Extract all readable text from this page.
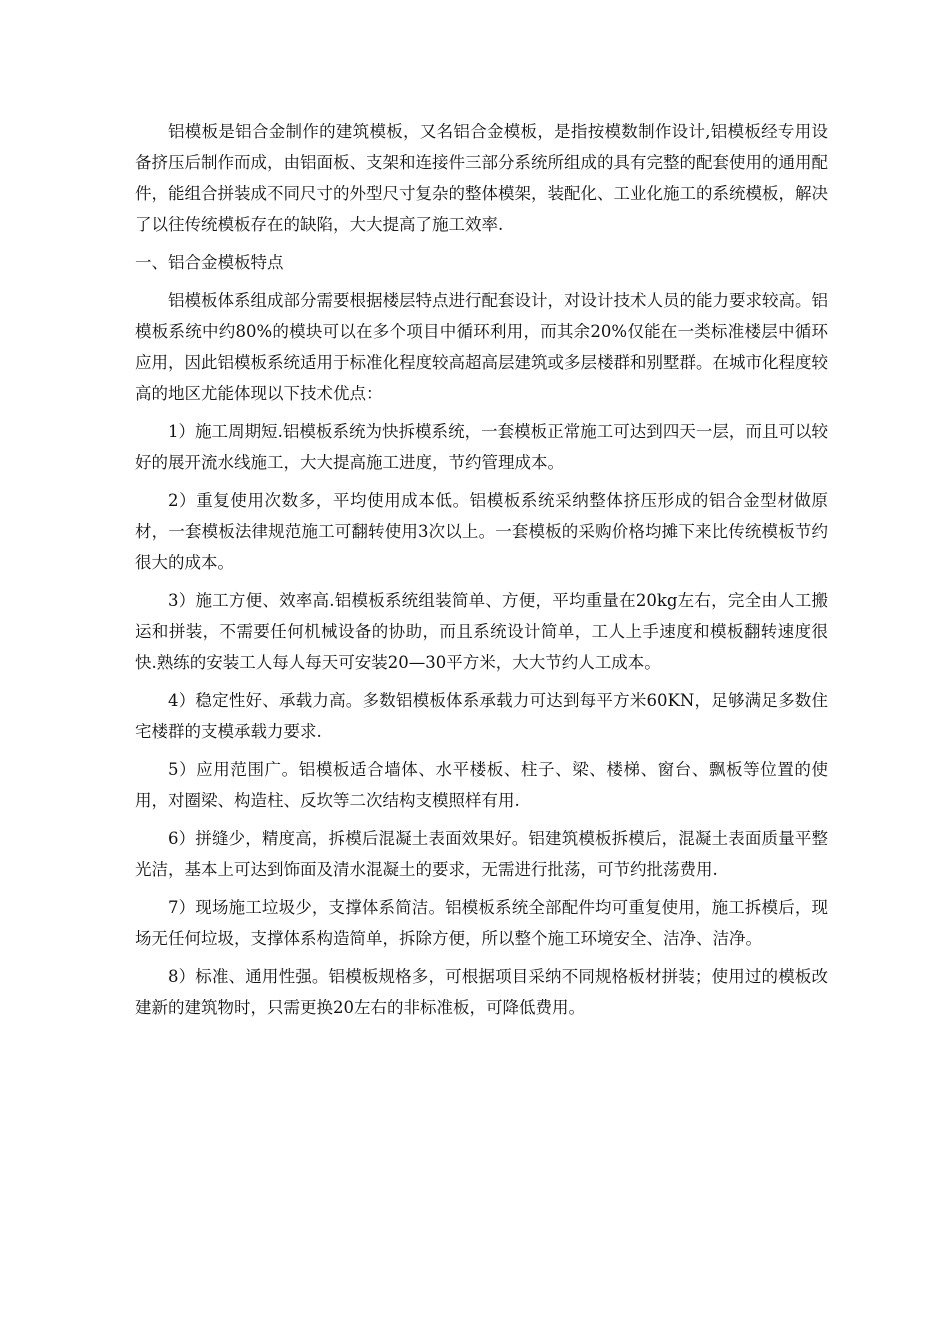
铝模板是铝合金制作的建筑模板，又名铝合金模板，是指按模数制作设计,铝模板经专用设备挤压后制作而成，由铝面板、支架和连接件三部分系统所组成的具有完整的配套使用的通用配件，能组合拼装成不同尺寸的外型尺寸复杂的整体模架，装配化、工业化施工的系统模板，解决了以往传统模板存在的缺陷，大大提高了施工效率.

一、铝合金模板特点

铝模板体系组成部分需要根据楼层特点进行配套设计，对设计技术人员的能力要求较高。铝模板系统中约80%的模块可以在多个项目中循环利用，而其余20%仅能在一类标准楼层中循环应用，因此铝模板系统适用于标准化程度较高超高层建筑或多层楼群和别墅群。在城市化程度较高的地区尤能体现以下技术优点：

1）施工周期短.铝模板系统为快拆模系统，一套模板正常施工可达到四天一层，而且可以较好的展开流水线施工，大大提高施工进度，节约管理成本。

2）重复使用次数多，平均使用成本低。铝模板系统采纳整体挤压形成的铝合金型材做原材，一套模板法律规范施工可翻转使用3次以上。一套模板的采购价格均摊下来比传统模板节约很大的成本。

3）施工方便、效率高.铝模板系统组装简单、方便，平均重量在20kg左右，完全由人工搬运和拼装，不需要任何机械设备的协助，而且系统设计简单，工人上手速度和模板翻转速度很快.熟练的安装工人每人每天可安装20—30平方米，大大节约人工成本。

4）稳定性好、承载力高。多数铝模板体系承载力可达到每平方米60KN，足够满足多数住宅楼群的支模承载力要求.

5）应用范围广。铝模板适合墙体、水平楼板、柱子、梁、楼梯、窗台、飘板等位置的使用，对圈梁、构造柱、反坎等二次结构支模照样有用.

6）拼缝少，精度高，拆模后混凝土表面效果好。铝建筑模板拆模后，混凝土表面质量平整光洁，基本上可达到饰面及清水混凝土的要求，无需进行批荡，可节约批荡费用.

7）现场施工垃圾少，支撑体系简洁。铝模板系统全部配件均可重复使用，施工拆模后，现场无任何垃圾，支撑体系构造简单，拆除方便，所以整个施工环境安全、洁净、洁净。

8）标准、通用性强。铝模板规格多，可根据项目采纳不同规格板材拼装；使用过的模板改建新的建筑物时，只需更换20左右的非标准板，可降低费用。
